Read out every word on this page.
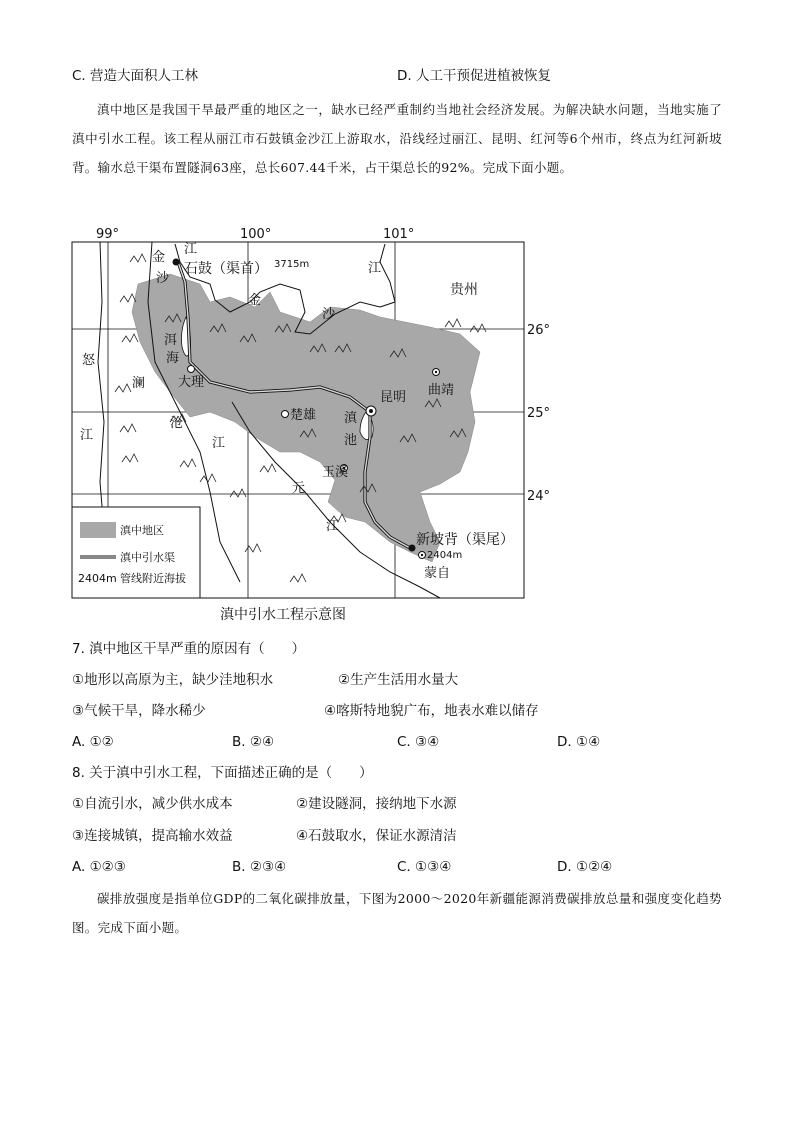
C. 营造大面积人工林	D. 人工干预促进植被恢复
滇中地区是我国干旱最严重的地区之一，缺水已经严重制约当地社会经济发展。为解决缺水问题，当地实施了滇中引水工程。该工程从丽江市石鼓镇金沙江上游取水，沿线经过丽江、昆明、红河等6个州市，终点为红河新坡背。输水总干渠布置隧洞63座，总长607.44千米，占干渠总长的92%。完成下面小题。
99°	100°	101°
26°
25°
24°
金
沙
江
石鼓（渠首） 3715m
金
沙
江
贵州
洱
海
大理
怒
江
澜
沧
江
楚雄
昆明 曲靖
滇
池
玉溪
元
江
新坡背（渠尾）
2404m
蒙自
滇中地区
滇中引水渠
2404m 管线附近海拔
滇中引水工程示意图
7. 滇中地区干旱严重的原因有（　　）
①地形以高原为主，缺少洼地积水	②生产生活用水量大
③气候干旱，降水稀少	④喀斯特地貌广布，地表水难以储存
A. ①②	B. ②④	C. ③④	D. ①④
8. 关于滇中引水工程，下面描述正确的是（　　）
①自流引水，减少供水成本	②建设隧洞，接纳地下水源
③连接城镇，提高输水效益	④石鼓取水，保证水源清洁
A. ①②③	B. ②③④	C. ①③④	D. ①②④
碳排放强度是指单位GDP的二氧化碳排放量，下图为2000～2020年新疆能源消费碳排放总量和强度变化趋势图。完成下面小题。
